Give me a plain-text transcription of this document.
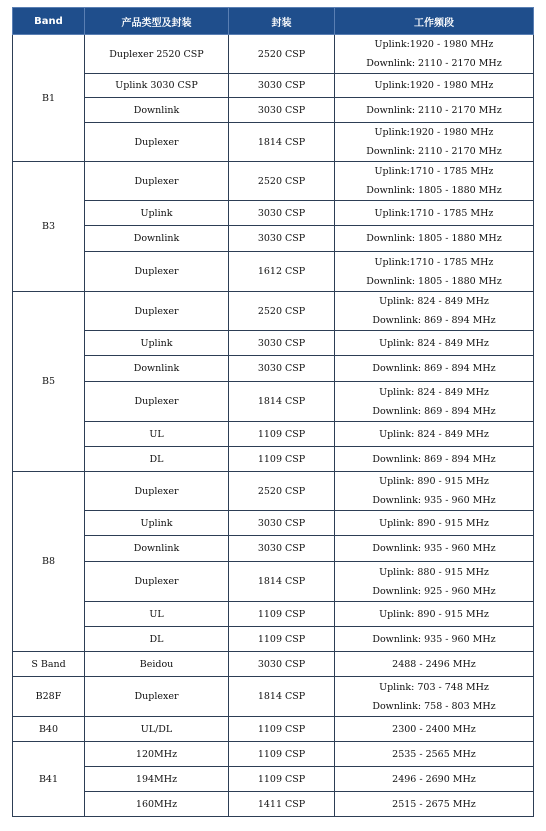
Band	产品类型及封装	封装	工作频段
B1	Duplexer 2520 CSP	2520 CSP	Uplink:1920 - 1980 MHz
Downlink: 2110 - 2170 MHz

	Uplink 3030 CSP	3030 CSP	Uplink:1920 - 1980 MHz

	Downlink	3030 CSP	Downlink: 2110 - 2170 MHz

	Duplexer	1814 CSP	Uplink:1920 - 1980 MHz
Downlink: 2110 - 2170 MHz

B3	Duplexer	2520 CSP	Uplink:1710 - 1785 MHz
Downlink: 1805 - 1880 MHz

	Uplink	3030 CSP	Uplink:1710 - 1785 MHz

	Downlink	3030 CSP	Downlink: 1805 - 1880 MHz

	Duplexer	1612 CSP	Uplink:1710 - 1785 MHz
Downlink: 1805 - 1880 MHz

B5	Duplexer	2520 CSP	Uplink: 824 - 849 MHz
Downlink: 869 - 894 MHz

	Uplink	3030 CSP	Uplink: 824 - 849 MHz

	Downlink	3030 CSP	Downlink: 869 - 894 MHz

	Duplexer	1814 CSP	Uplink: 824 - 849 MHz
Downlink: 869 - 894 MHz

	UL	1109 CSP	Uplink: 824 - 849 MHz

	DL	1109 CSP	Downlink: 869 - 894 MHz

B8	Duplexer	2520 CSP	Uplink: 890 - 915 MHz
Downlink: 935 - 960 MHz

	Uplink	3030 CSP	Uplink: 890 - 915 MHz

	Downlink	3030 CSP	Downlink: 935 - 960 MHz

	Duplexer	1814 CSP	Uplink: 880 - 915 MHz
Downlink: 925 - 960 MHz

	UL	1109 CSP	Uplink: 890 - 915 MHz

	DL	1109 CSP	Downlink: 935 - 960 MHz

S Band	Beidou	3030 CSP	2488 - 2496 MHz

B28F	Duplexer	1814 CSP	Uplink: 703 - 748 MHz
Downlink: 758 - 803 MHz

B40	UL/DL	1109 CSP	2300 - 2400 MHz

B41	120MHz	1109 CSP	2535 - 2565 MHz

	194MHz	1109 CSP	2496 - 2690 MHz

	160MHz	1411 CSP	2515 - 2675 MHz
